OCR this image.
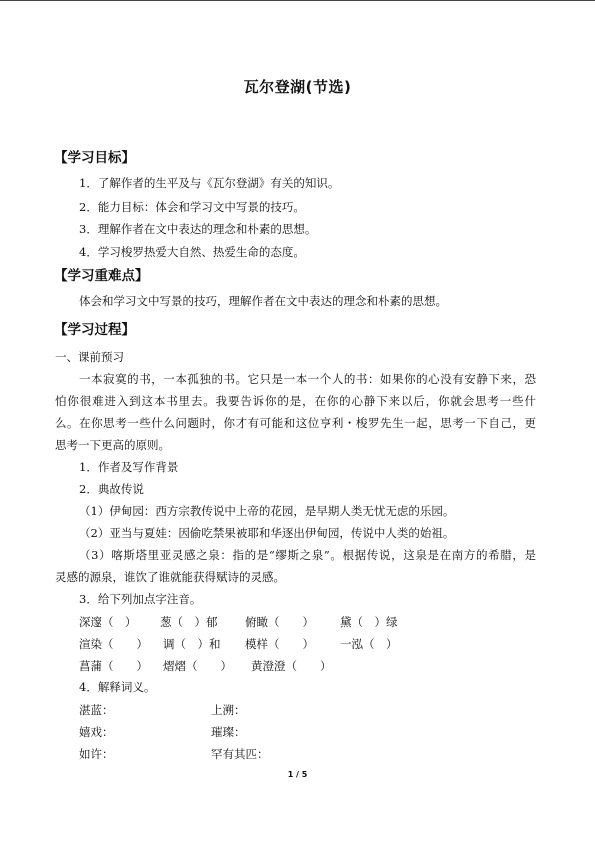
瓦尔登湖(节选)
【学习目标】
1．了解作者的生平及与《瓦尔登湖》有关的知识。
2．能力目标：体会和学习文中写景的技巧。
3．理解作者在文中表达的理念和朴素的思想。
4．学习梭罗热爱大自然、热爱生命的态度。
【学习重难点】
体会和学习文中写景的技巧，理解作者在文中表达的理念和朴素的思想。
【学习过程】
一、课前预习
一本寂寞的书，一本孤独的书。它只是一本一个人的书：如果你的心没有安静下来，恐
怕你很难进入到这本书里去。我要告诉你的是，在你的心静下来以后，你就会思考一些什
么。在你思考一些什么问题时，你才有可能和这位亨利・梭罗先生一起，思考一下自己，更
思考一下更高的原则。
1．作者及写作背景
2．典故传说
（1）伊甸园：西方宗教传说中上帝的花园，是早期人类无忧无虑的乐园。
（2）亚当与夏娃：因偷吃禁果被耶和华逐出伊甸园，传说中人类的始祖。
（3）喀斯塔里亚灵感之泉：指的是“缪斯之泉”。根据传说，这泉是在南方的希腊，是
灵感的源泉，谁饮了谁就能获得赋诗的灵感。
3．给下列加点字注音。
深邃（　） 葱（　）郁 俯瞰（　　） 黛（　）绿
渲染（　　） 调（　）和 模样（　　） 一泓（　）
菖蒲（　　） 熠熠（　　） 黄澄澄（　　）
4．解释词义。
湛蓝：	上溯：
嬉戏：	璀璨：
如许：	罕有其匹：
1 / 5
